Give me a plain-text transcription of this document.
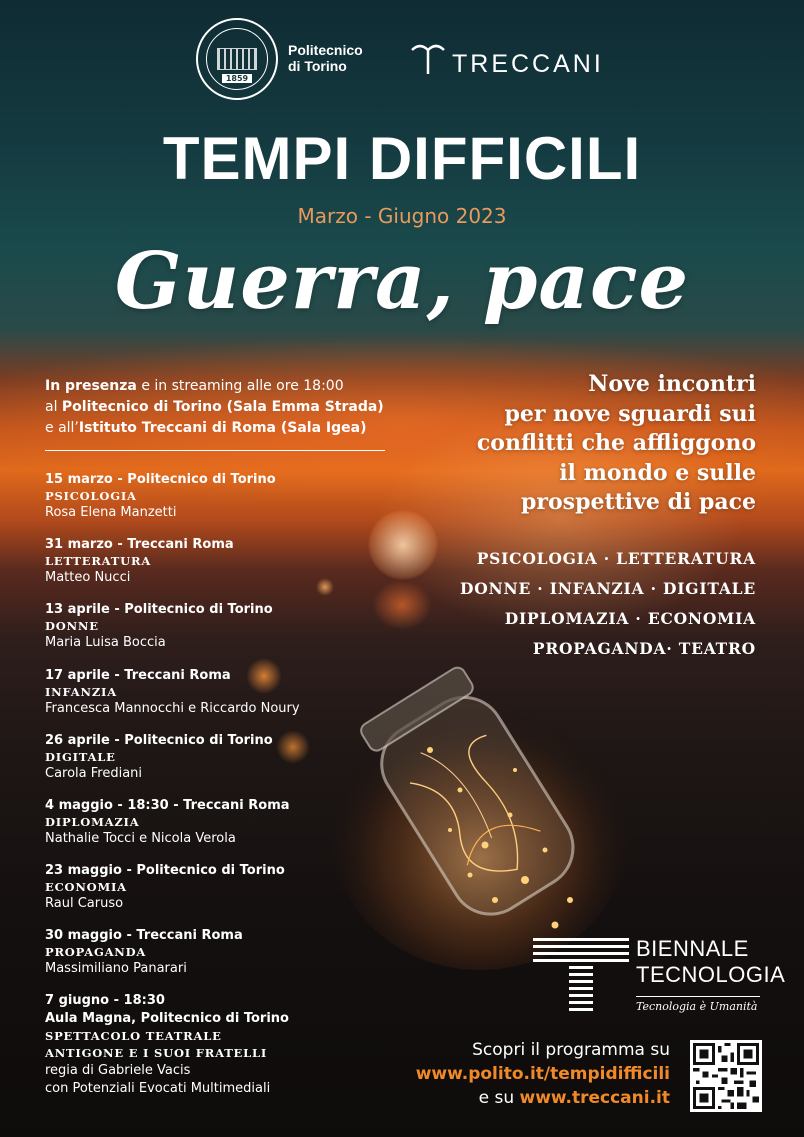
1859
Politecnico
di Torino	TRECCANI
TEMPI DIFFICILI
Marzo - Giugno 2023
Guerra, pace
In presenza e in streaming alle ore 18:00
al Politecnico di Torino (Sala Emma Strada)
e all’Istituto Treccani di Roma (Sala Igea)
15 marzo - Politecnico di Torino
PSICOLOGIA
Rosa Elena Manzetti
31 marzo - Treccani Roma
LETTERATURA
Matteo Nucci
13 aprile - Politecnico di Torino
DONNE
Maria Luisa Boccia
17 aprile - Treccani Roma
INFANZIA
Francesca Mannocchi e Riccardo Noury
26 aprile - Politecnico di Torino
DIGITALE
Carola Frediani
4 maggio - 18:30 - Treccani Roma
DIPLOMAZIA
Nathalie Tocci e Nicola Verola
23 maggio - Politecnico di Torino
ECONOMIA
Raul Caruso
30 maggio - Treccani Roma
PROPAGANDA
Massimiliano Panarari
7 giugno - 18:30
Aula Magna, Politecnico di Torino
SPETTACOLO TEATRALE
ANTIGONE E I SUOI FRATELLI
regia di Gabriele Vacis
con Potenziali Evocati Multimediali
Nove incontri
per nove sguardi sui
conflitti che affliggono
il mondo e sulle
prospettive di pace
PSICOLOGIA · LETTERATURA
DONNE · INFANZIA · DIGITALE
DIPLOMAZIA · ECONOMIA
PROPAGANDA· TEATRO
BIENNALE
TECNOLOGIA
Tecnologia è Umanità
Scopri il programma su
www.polito.it/tempidifficili
e su www.treccani.it
